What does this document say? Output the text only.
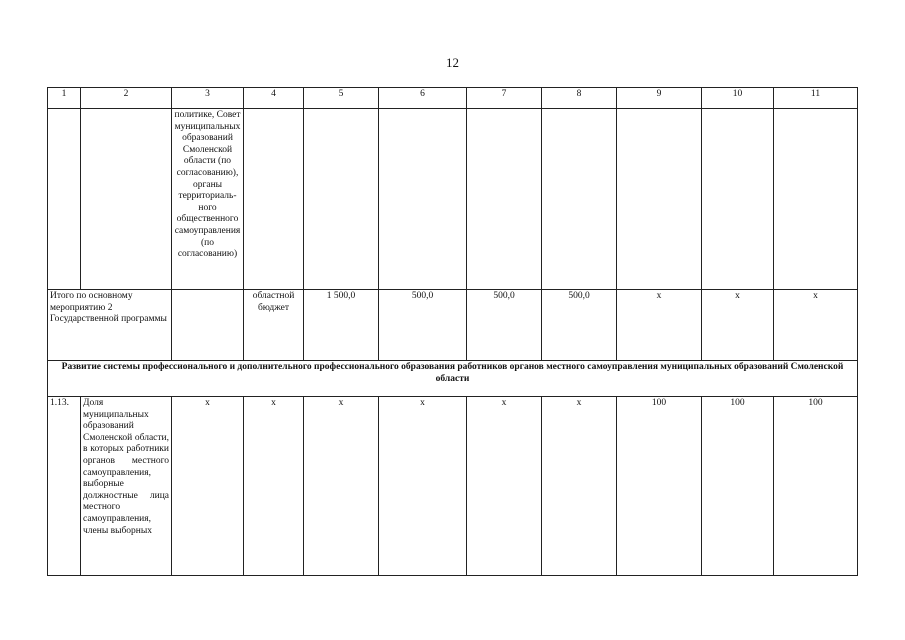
12
1	2	3	4	5	6	7	8	9	10	11
		политике, Совет муниципальных образований Смоленской области (по согласованию), органы территориаль-ного общественного самоуправления (по согласованию)								
Итого по основному мероприятию 2 Государственной программы			областной бюджет	1 500,0	500,0	500,0	500,0	x	x	x
Развитие системы профессионального и дополнительного профессионального образования работников органов местного самоуправления муниципальных образований Смоленской области										
1.13.	Доля муниципальных образований Смоленской области, в которых работники органов местного самоуправления, выборные должностные лица местного самоуправления, члены выборных	x	x	x	x	x	x	100	100	100
